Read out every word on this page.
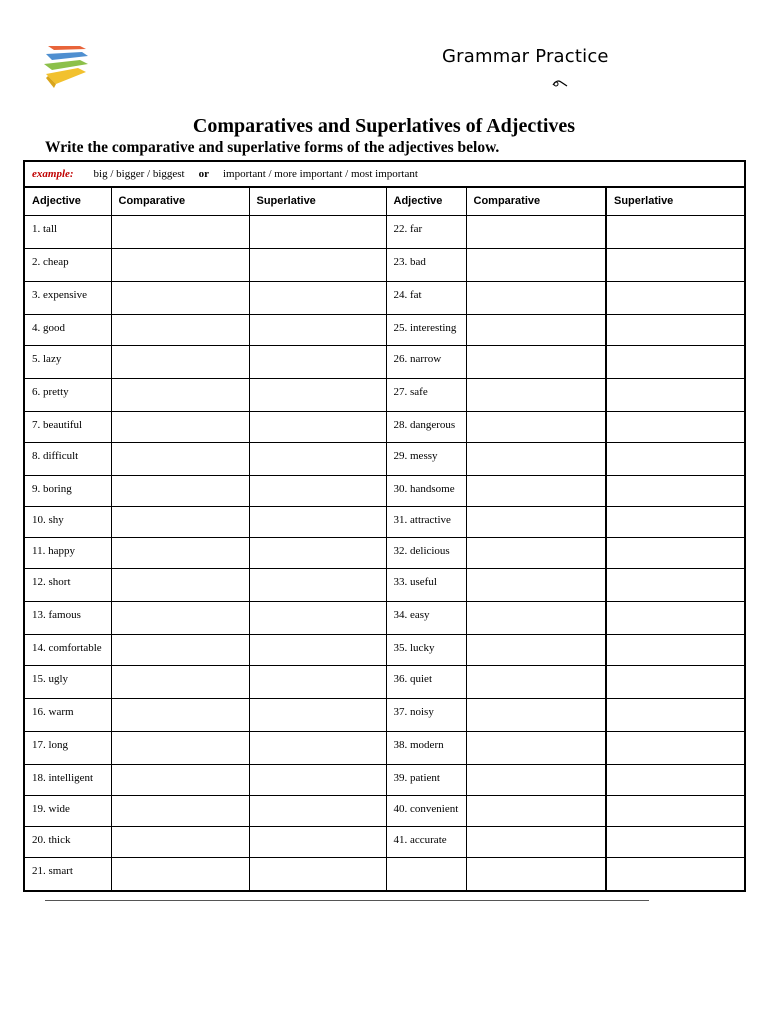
Grammar Practice
Comparatives and Superlatives of Adjectives
Write the comparative and superlative forms of the adjectives below.
example: big / bigger / biggest or important / more important / most important
Adjective	Comparative	Superlative	Adjective	Comparative	Superlative
1. tall			22. far		
2. cheap			23. bad		
3. expensive			24. fat		
4. good			25. interesting		
5. lazy			26. narrow		
6. pretty			27. safe		
7. beautiful			28. dangerous		
8. difficult			29. messy		
9. boring			30. handsome		
10. shy			31. attractive		
11. happy			32. delicious		
12. short			33. useful		
13. famous			34. easy		
14. comfortable			35. lucky		
15. ugly			36. quiet		
16. warm			37. noisy		
17. long			38. modern		
18. intelligent			39. patient		
19. wide			40. convenient		
20. thick			41. accurate		
21. smart					
